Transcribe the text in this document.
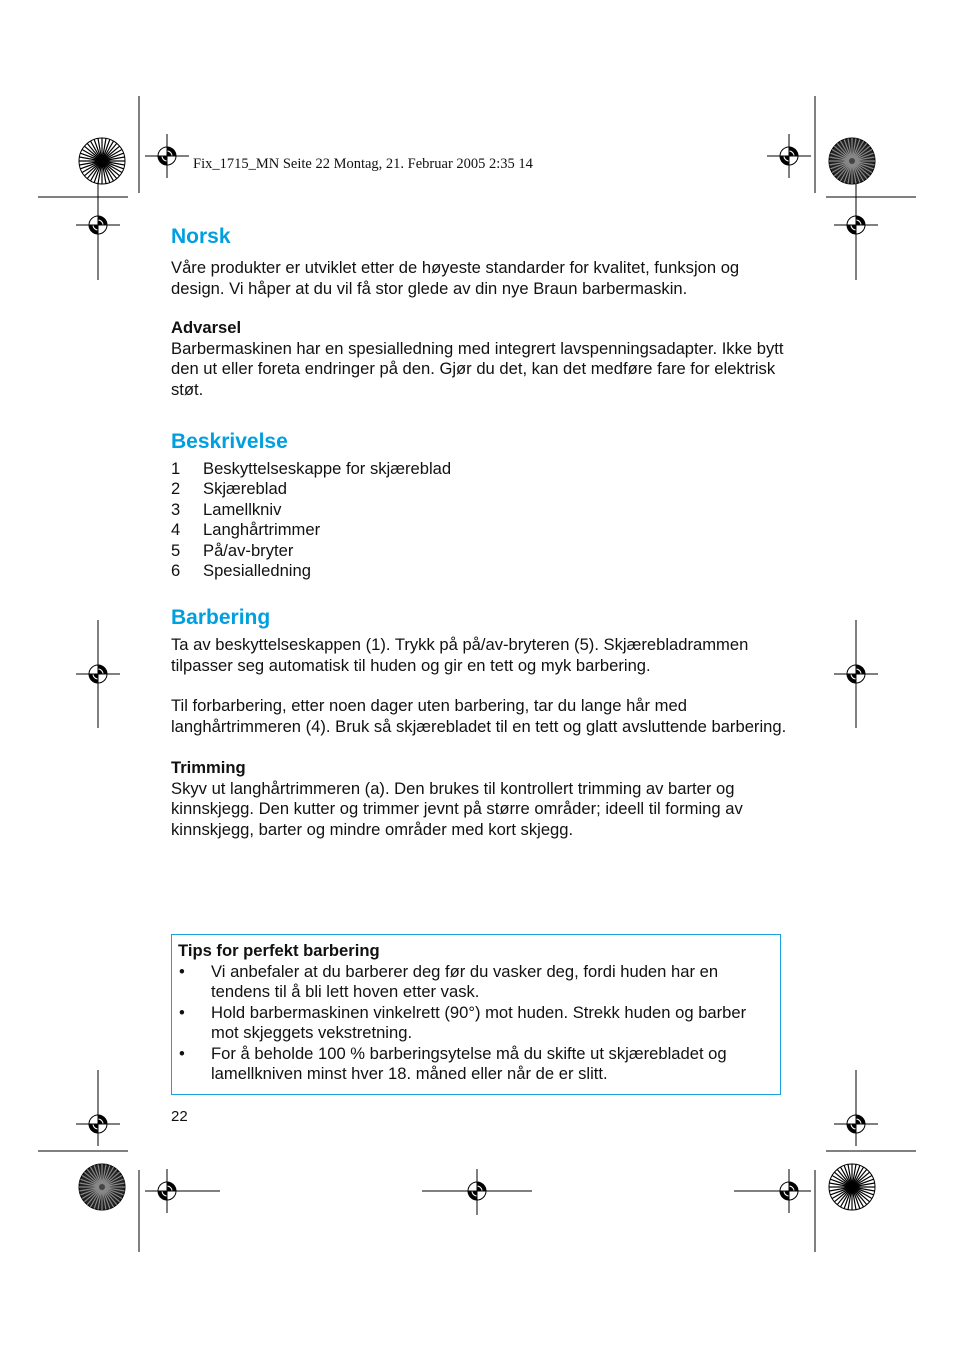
Fix_1715_MN Seite 22 Montag, 21. Februar 2005 2:35 14
Norsk

Våre produkter er utviklet etter de høyeste standarder for kvalitet, funksjon og design. Vi håper at du vil få stor glede av din nye Braun barbermaskin.

Advarsel

Barbermaskinen har en spesialledning med integrert lavspenningsadapter. Ikke bytt den ut eller foreta endringer på den. Gjør du det, kan det medføre fare for elektrisk støt.

Beskrivelse
1	Beskyttelseskappe for skjæreblad
2	Skjæreblad
3	Lamellkniv
4	Langhårtrimmer
5	På/av-bryter
6	Spesialledning
Barbering

Ta av beskyttelseskappen (1). Trykk på på/av-bryteren (5). Skjærebladrammen tilpasser seg automatisk til huden og gir en tett og myk barbering.

Til forbarbering, etter noen dager uten barbering, tar du lange hår med langhårtrimmeren (4). Bruk så skjærebladet til en tett og glatt avsluttende barbering.

Trimming

Skyv ut langhårtrimmeren (a). Den brukes til kontrollert trimming av barter og kinnskjegg. Den kutter og trimmer jevnt på større områder; ideell til forming av kinnskjegg, barter og mindre områder med kort skjegg.

Tips for perfekt barbering
•	Vi anbefaler at du barberer deg før du vasker deg, fordi huden har en tendens til å bli lett hoven etter vask.
•	Hold barbermaskinen vinkelrett (90°) mot huden. Strekk huden og barber mot skjeggets vekstretning.
•	For å beholde 100 % barberingsytelse må du skifte ut skjærebladet og lamellkniven minst hver 18. måned eller når de er slitt.
22
